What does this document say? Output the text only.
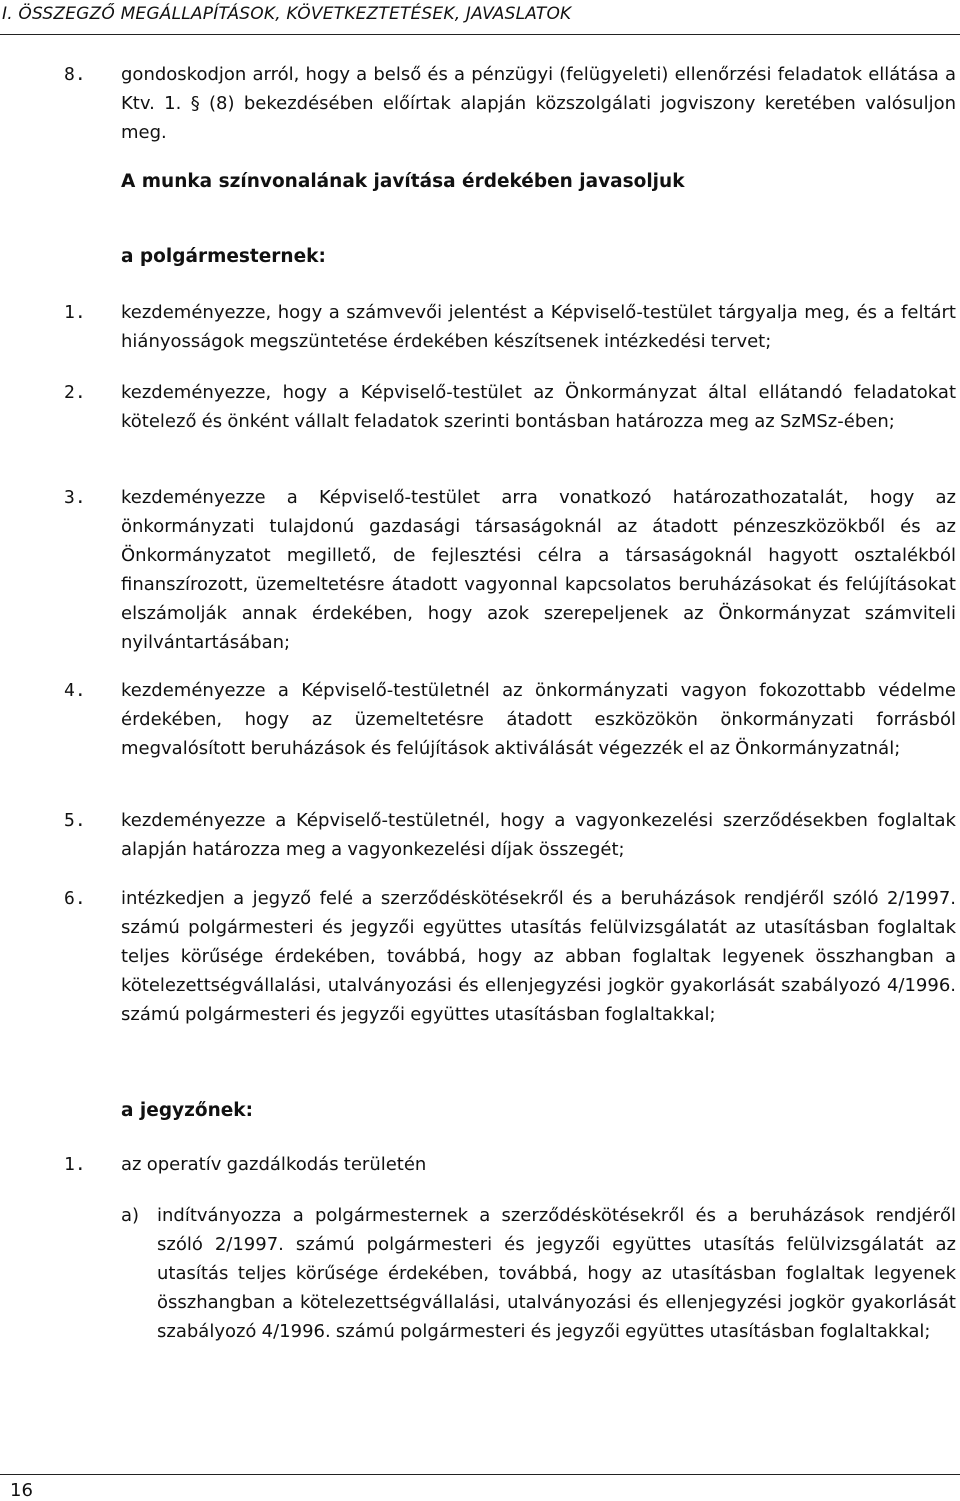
I. ÖSSZEGZŐ MEGÁLLAPÍTÁSOK, KÖVETKEZTETÉSEK, JAVASLATOK
8. gondoskodjon arról, hogy a belső és a pénzügyi (felügyeleti) ellenőrzési feladatok ellátása a Ktv. 1. § (8) bekezdésében előírtak alapján közszolgálati jogviszony keretében valósuljon meg.
A munka színvonalának javítása érdekében javasoljuk
a polgármesternek:
1. kezdeményezze, hogy a számvevői jelentést a Képviselő-testület tárgyalja meg, és a feltárt hiányosságok megszüntetése érdekében készítsenek intézkedési tervet;
2. kezdeményezze, hogy a Képviselő-testület az Önkormányzat által ellátandó feladatokat kötelező és önként vállalt feladatok szerinti bontásban határozza meg az SzMSz-ében;
3. kezdeményezze a Képviselő-testület arra vonatkozó határozathozatalát, hogy az önkormányzati tulajdonú gazdasági társaságoknál az átadott pénzeszközökből és az Önkormányzatot megillető, de fejlesztési célra a társaságoknál hagyott osztalékból finanszírozott, üzemeltetésre átadott vagyonnal kapcsolatos beruházásokat és felújításokat elszámolják annak érdekében, hogy azok szerepeljenek az Önkormányzat számviteli nyilvántartásában;
4. kezdeményezze a Képviselő-testületnél az önkormányzati vagyon fokozottabb védelme érdekében, hogy az üzemeltetésre átadott eszközökön önkormányzati forrásból megvalósított beruházások és felújítások aktiválását végezzék el az Önkormányzatnál;
5. kezdeményezze a Képviselő-testületnél, hogy a vagyonkezelési szerződésekben foglaltak alapján határozza meg a vagyonkezelési díjak összegét;
6. intézkedjen a jegyző felé a szerződéskötésekről és a beruházások rendjéről szóló 2/1997. számú polgármesteri és jegyzői együttes utasítás felülvizsgálatát az utasításban foglaltak teljes körűsége érdekében, továbbá, hogy az abban foglaltak legyenek összhangban a kötelezettségvállalási, utalványozási és ellenjegyzési jogkör gyakorlását szabályozó 4/1996. számú polgármesteri és jegyzői együttes utasításban foglaltakkal;
a jegyzőnek:
1. az operatív gazdálkodás területén
a) indítványozza a polgármesternek a szerződéskötésekről és a beruházások rendjéről szóló 2/1997. számú polgármesteri és jegyzői együttes utasítás felülvizsgálatát az utasítás teljes körűsége érdekében, továbbá, hogy az utasításban foglaltak legyenek összhangban a kötelezettségvállalási, utalványozási és ellenjegyzési jogkör gyakorlását szabályozó 4/1996. számú polgármesteri és jegyzői együttes utasításban foglaltakkal;
16
